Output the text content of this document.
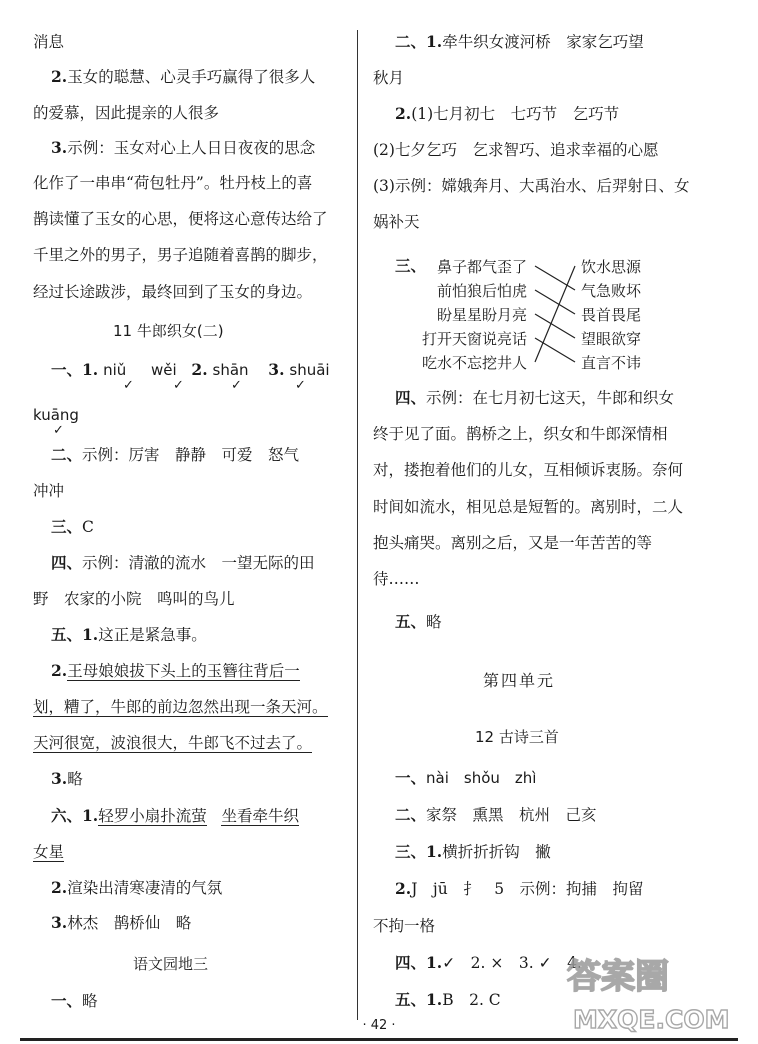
消息
2.玉女的聪慧、心灵手巧赢得了很多人
的爱慕，因此提亲的人很多
3.示例：玉女对心上人日日夜夜的思念
化作了一串串“荷包牡丹”。牡丹枝上的喜
鹊读懂了玉女的心思，便将这心意传达给了
千里之外的男子，男子追随着喜鹊的脚步，
经过长途跋涉，最终回到了玉女的身边。
11 牛郎织女(二)
一、1. niǔ wěi 2. shān 3. shuāi
✓	✓	✓	✓
kuāng
✓
二、示例：厉害　静静　可爱　怒气
冲冲
三、C
四、示例：清澈的流水　一望无际的田
野　农家的小院　鸣叫的鸟儿
五、1.这正是紧急事。
2.王母娘娘拔下头上的玉簪往背后一
划，糟了，牛郎的前边忽然出现一条天河。
天河很宽，波浪很大，牛郎飞不过去了。
3.略
六、1.轻罗小扇扑流萤 坐看牵牛织
女星
2.渲染出清寒凄清的气氛
3.林杰　鹊桥仙　略
语文园地三
一、略
二、1.牵牛织女渡河桥　家家乞巧望
秋月
2.(1)七月初七　七巧节　乞巧节
(2)七夕乞巧　乞求智巧、追求幸福的心愿
(3)示例：嫦娥奔月、大禹治水、后羿射日、女
娲补天
三、 鼻子都气歪了
前怕狼后怕虎
盼星星盼月亮
打开天窗说亮话
吃水不忘挖井人
饮水思源
气急败坏
畏首畏尾
望眼欲穿
直言不讳
四、示例：在七月初七这天，牛郎和织女
终于见了面。鹊桥之上，织女和牛郎深情相
对，搂抱着他们的儿女，互相倾诉衷肠。奈何
时间如流水，相见总是短暂的。离别时，二人
抱头痛哭。离别之后，又是一年苦苦的等
待……
五、略
第四单元
12 古诗三首
一、nài　shǒu　zhì
二、家祭　熏黑　杭州　己亥
三、1.横折折折钩　撇
2.J　jū　扌　5　示例：拘捕　拘留
不拘一格
四、1.✓　2. ×　3. ✓　4.
五、1.B　2. C
答案圈
MXQE.COM
· 42 ·
